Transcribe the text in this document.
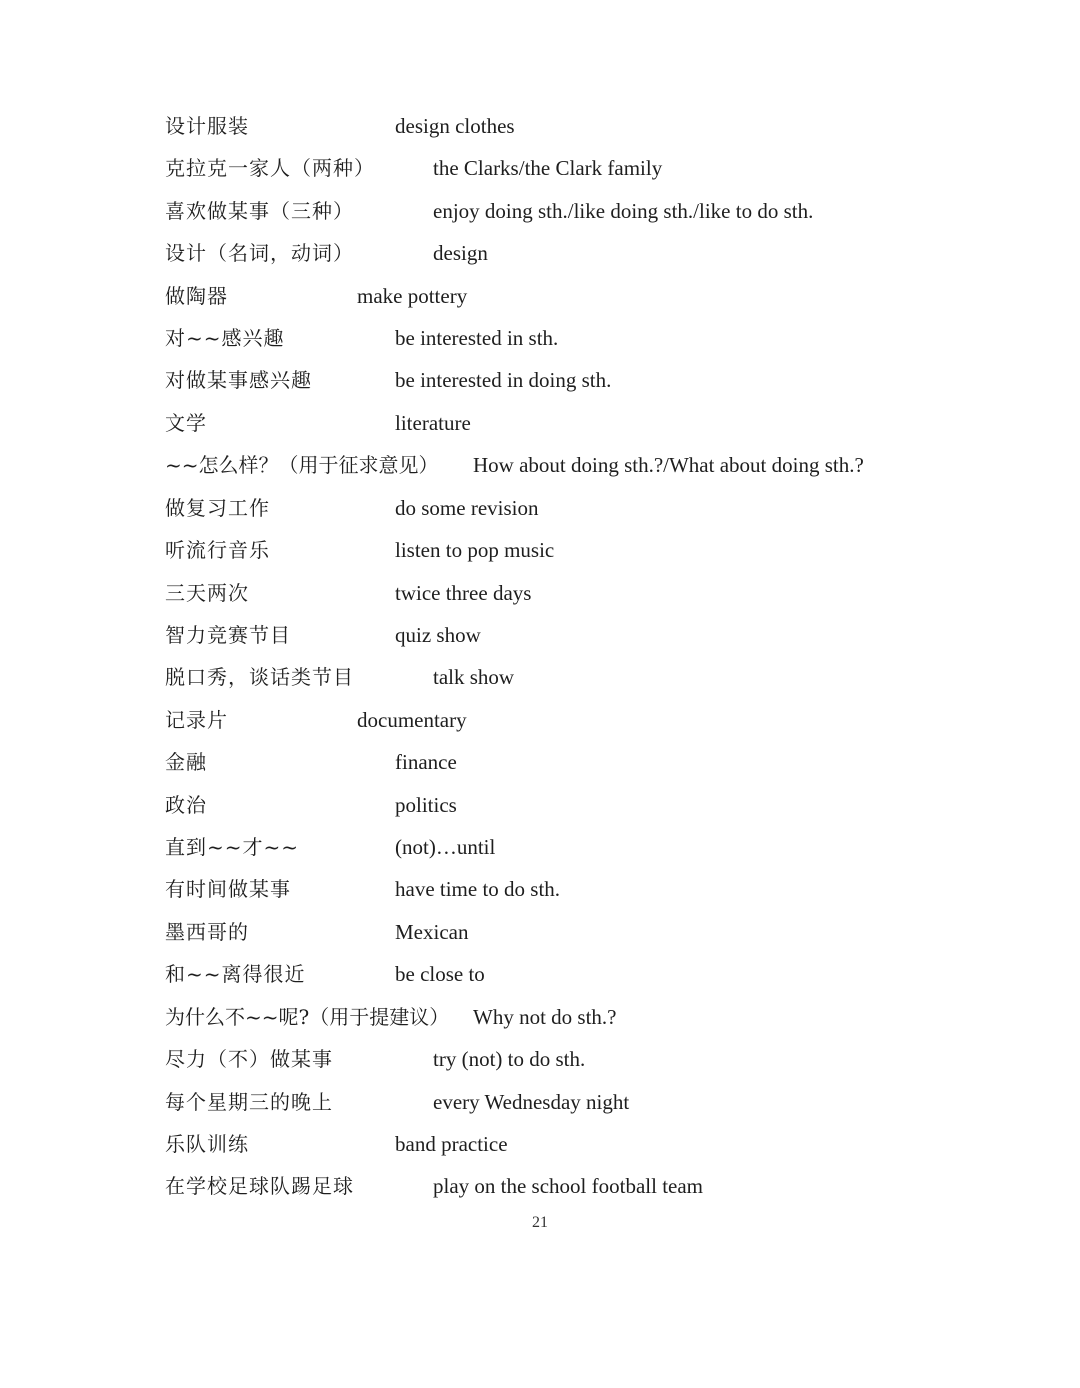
设计服装	design clothes
克拉克一家人（两种）	the Clarks/the Clark family
喜欢做某事（三种）	enjoy doing sth./like doing sth./like to do sth.
设计（名词，动词）	design
做陶器	make pottery
对~~感兴趣	be interested in sth.
对做某事感兴趣	be interested in doing sth.
文学	literature
~~怎么样？（用于征求意见） How about doing sth.?/What about doing sth.?
做复习工作	do some revision
听流行音乐	listen to pop music
三天两次	twice three days
智力竞赛节目	quiz show
脱口秀，谈话类节目	talk show
记录片	documentary
金融	finance
政治	politics
直到~~才~~	(not)…until
有时间做某事	have time to do sth.
墨西哥的	Mexican
和~~离得很近	be close to
为什么不~~呢?（用于提建议） Why not do sth.?
尽力（不）做某事	try (not) to do sth.
每个星期三的晚上	every Wednesday night
乐队训练	band practice
在学校足球队踢足球	play on the school football team
21
